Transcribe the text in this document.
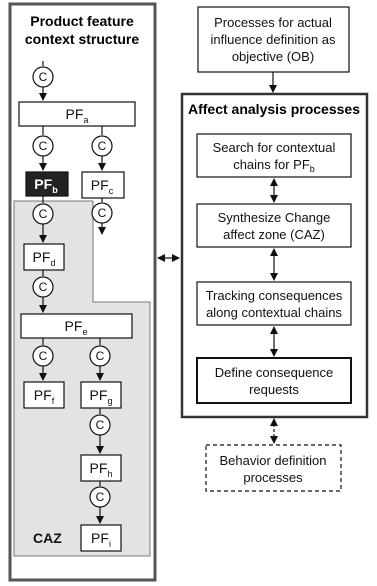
Product feature
context structure
C
$PF_a$
C	C
$PF_b$ $PF_c$
C
C
$PF_d$
C
$PF_e$
C	C
$PF_f$	$PF_g$
C
$PF_h$
C
$PF_i$
CAZ
Processes for actual
influence definition as
objective (OB)
Affect analysis processes
Search for contextual
chains for $PF_b$
Synthesize Change
affect zone (CAZ)
Tracking consequences
along contextual chains
Define consequence
requests
Behavior definition
processes
